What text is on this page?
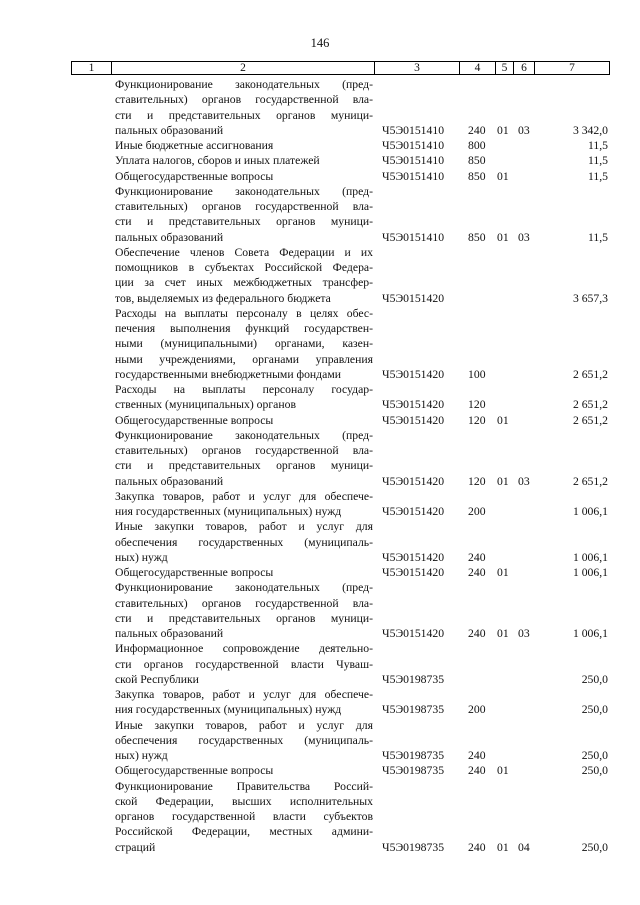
146
1	2	3	4	5	6	7
Функционирование законодательных (пред-
ставительных) органов государственной вла-
сти и представительных органов муници-
пальных образований	Ч5Э0151410 240 01 03	3 342,0
Иные бюджетные ассигнования	Ч5Э0151410 800	11,5
Уплата налогов, сборов и иных платежей	Ч5Э0151410 850	11,5
Общегосударственные вопросы	Ч5Э0151410 850 01	11,5
Функционирование законодательных (пред-
ставительных) органов государственной вла-
сти и представительных органов муници-
пальных образований	Ч5Э0151410 850 01 03	11,5
Обеспечение членов Совета Федерации и их
помощников в субъектах Российской Федера-
ции за счет иных межбюджетных трансфер-
тов, выделяемых из федерального бюджета	Ч5Э0151420	3 657,3
Расходы на выплаты персоналу в целях обес-
печения выполнения функций государствен-
ными (муниципальными) органами, казен-
ными учреждениями, органами управления
государственными внебюджетными фондами	Ч5Э0151420 100	2 651,2
Расходы на выплаты персоналу государ-
ственных (муниципальных) органов	Ч5Э0151420 120	2 651,2
Общегосударственные вопросы	Ч5Э0151420 120 01	2 651,2
Функционирование законодательных (пред-
ставительных) органов государственной вла-
сти и представительных органов муници-
пальных образований	Ч5Э0151420 120 01 03	2 651,2
Закупка товаров, работ и услуг для обеспече-
ния государственных (муниципальных) нужд	Ч5Э0151420 200	1 006,1
Иные закупки товаров, работ и услуг для
обеспечения государственных (муниципаль-
ных) нужд	Ч5Э0151420 240	1 006,1
Общегосударственные вопросы	Ч5Э0151420 240 01	1 006,1
Функционирование законодательных (пред-
ставительных) органов государственной вла-
сти и представительных органов муници-
пальных образований	Ч5Э0151420 240 01 03	1 006,1
Информационное сопровождение деятельно-
сти органов государственной власти Чуваш-
ской Республики	Ч5Э0198735	250,0
Закупка товаров, работ и услуг для обеспече-
ния государственных (муниципальных) нужд	Ч5Э0198735 200	250,0
Иные закупки товаров, работ и услуг для
обеспечения государственных (муниципаль-
ных) нужд	Ч5Э0198735 240	250,0
Общегосударственные вопросы	Ч5Э0198735 240 01	250,0
Функционирование Правительства Россий-
ской Федерации, высших исполнительных
органов государственной власти субъектов
Российской Федерации, местных админи-
страций	Ч5Э0198735 240 01 04	250,0
